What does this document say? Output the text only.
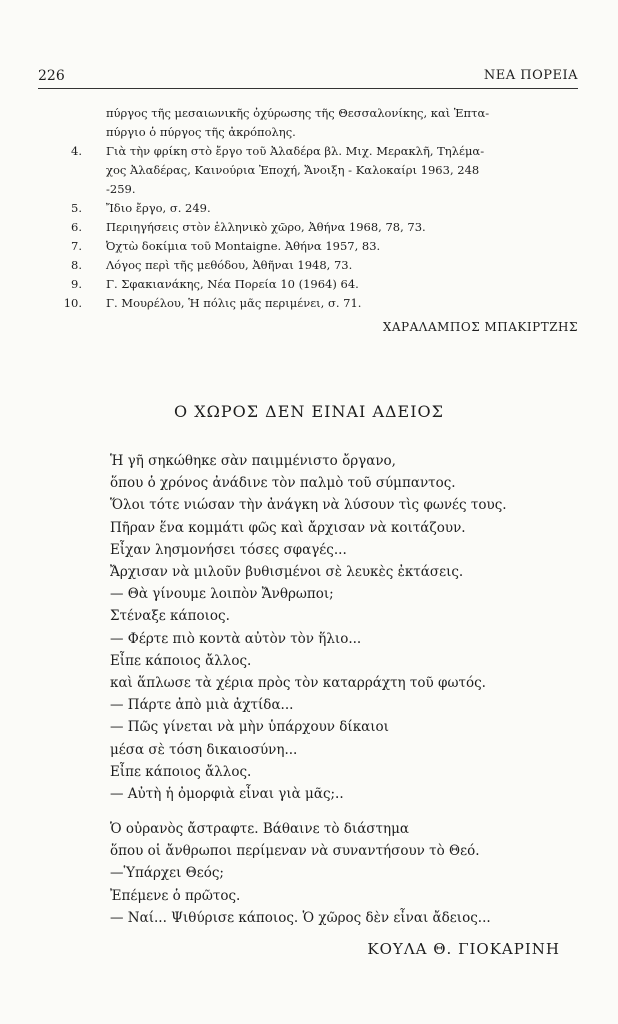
226	ΝΕΑ ΠΟΡΕΙΑ
πύργος τῆς μεσαιωνικῆς ὀχύρωσης τῆς Θεσσαλονίκης, καὶ Ἑπτα-
πύργιο ὁ πύργος τῆς ἀκρόπολης.
4. Γιὰ τὴν φρίκη στὸ ἔργο τοῦ Ἀλαδέρα βλ. Μιχ. Μερακλῆ, Τηλέμα-
χος Ἀλαδέρας, Καινούρια Ἐποχή, Ἄνοιξη - Καλοκαίρι 1963, 248
-259.
5. Ἴδιο ἔργο, σ. 249.
6. Περιηγήσεις στὸν ἑλληνικὸ χῶρο, Ἀθήνα 1968, 78, 73.
7. Ὀχτὼ δοκίμια τοῦ Montaigne. Ἀθήνα 1957, 83.
8. Λόγος περὶ τῆς μεθόδου, Ἀθῆναι 1948, 73.
9. Γ. Σφακιανάκης, Νέα Πορεία 10 (1964) 64.
10. Γ. Μουρέλου, Ἡ πόλις μᾶς περιμένει, σ. 71.
ΧΑΡΑΛΑΜΠΟΣ ΜΠΑΚΙΡΤΖΗΣ
Ο ΧΩΡΟΣ ΔΕΝ ΕΙΝΑΙ ΑΔΕΙΟΣ
Ἡ γῆ σηκώθηκε σὰν παιμμένιστο ὄργανο,
ὅπου ὁ χρόνος ἀνάδινε τὸν παλμὸ τοῦ σύμπαντος.
Ὅλοι τότε νιώσαν τὴν ἀνάγκη νὰ λύσουν τὶς φωνές τους.
Πῆραν ἕνα κομμάτι φῶς καὶ ἄρχισαν νὰ κοιτάζουν.
Εἶχαν λησμονήσει τόσες σφαγές...
Ἄρχισαν νὰ μιλοῦν βυθισμένοι σὲ λευκὲς ἐκτάσεις.
— Θὰ γίνουμε λοιπὸν Ἄνθρωποι;
Στέναξε κάποιος.
— Φέρτε πιὸ κοντὰ αὐτὸν τὸν ἥλιο...
Εἶπε κάποιος ἄλλος.
καὶ ἅπλωσε τὰ χέρια πρὸς τὸν καταρράχτη τοῦ φωτός.
— Πάρτε ἀπὸ μιὰ ἀχτίδα...
— Πῶς γίνεται νὰ μὴν ὑπάρχουν δίκαιοι
μέσα σὲ τόση δικαιοσύνη...
Εἶπε κάποιος ἄλλος.
— Αὐτὴ ἡ ὀμορφιὰ εἶναι γιὰ μᾶς;..
Ὁ οὐρανὸς ἄστραφτε. Βάθαινε τὸ διάστημα
ὅπου οἱ ἄνθρωποι περίμεναν νὰ συναντήσουν τὸ Θεό.
—Ὑπάρχει Θεός;
Ἐπέμενε ὁ πρῶτος.
— Ναί... Ψιθύρισε κάποιος. Ὁ χῶρος δὲν εἶναι ἄδειος...
ΚΟΥΛΑ Θ. ΓΙΟΚΑΡΙΝΗ
